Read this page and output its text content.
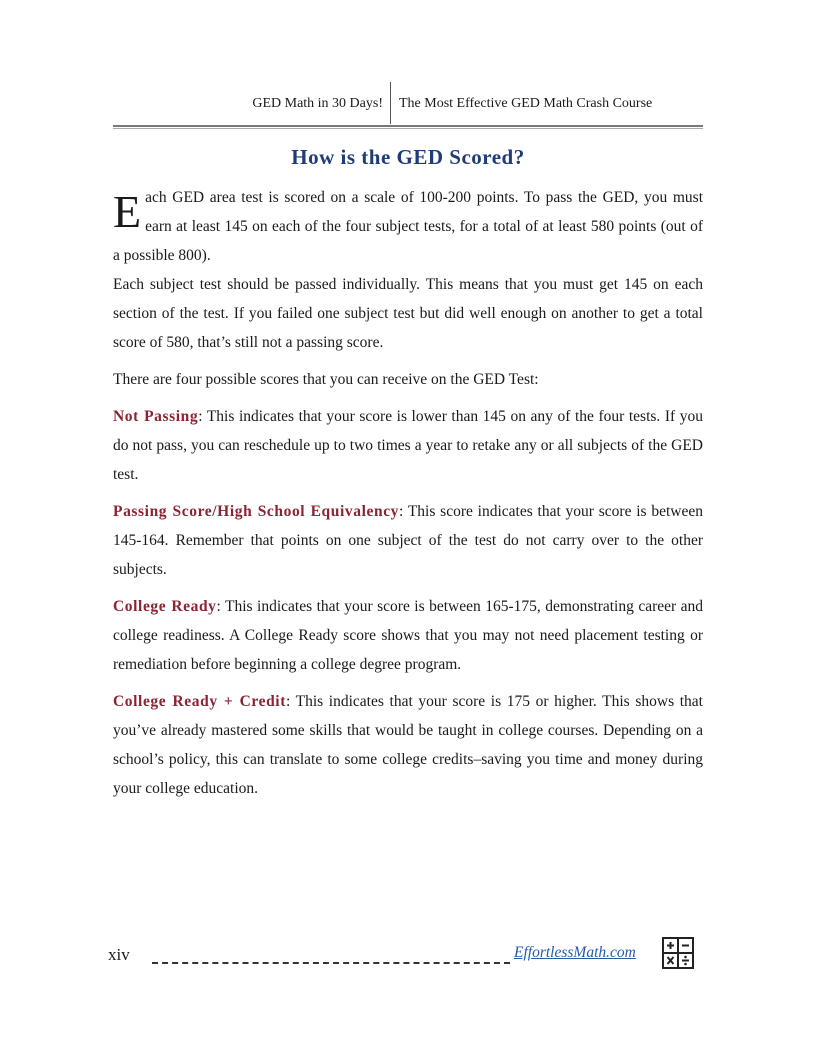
GED Math in 30 Days! The Most Effective GED Math Crash Course
How is the GED Scored?

Each GED area test is scored on a scale of 100-200 points. To pass the GED, you must earn at least 145 on each of the four subject tests, for a total of at least 580 points (out of a possible 800).

Each subject test should be passed individually. This means that you must get 145 on each section of the test. If you failed one subject test but did well enough on another to get a total score of 580, that’s still not a passing score.

There are four possible scores that you can receive on the GED Test:

Not Passing: This indicates that your score is lower than 145 on any of the four tests. If you do not pass, you can reschedule up to two times a year to retake any or all subjects of the GED test.

Passing Score/High School Equivalency: This score indicates that your score is between 145-164. Remember that points on one subject of the test do not carry over to the other subjects.

College Ready: This indicates that your score is between 165-175, demonstrating career and college readiness. A College Ready score shows that you may not need placement testing or remediation before beginning a college degree program.

College Ready + Credit: This indicates that your score is 175 or higher. This shows that you’ve already mastered some skills that would be taught in college courses. Depending on a school’s policy, this can translate to some college credits–saving you time and money during your college education.

xiv	EffortlessMath.com
